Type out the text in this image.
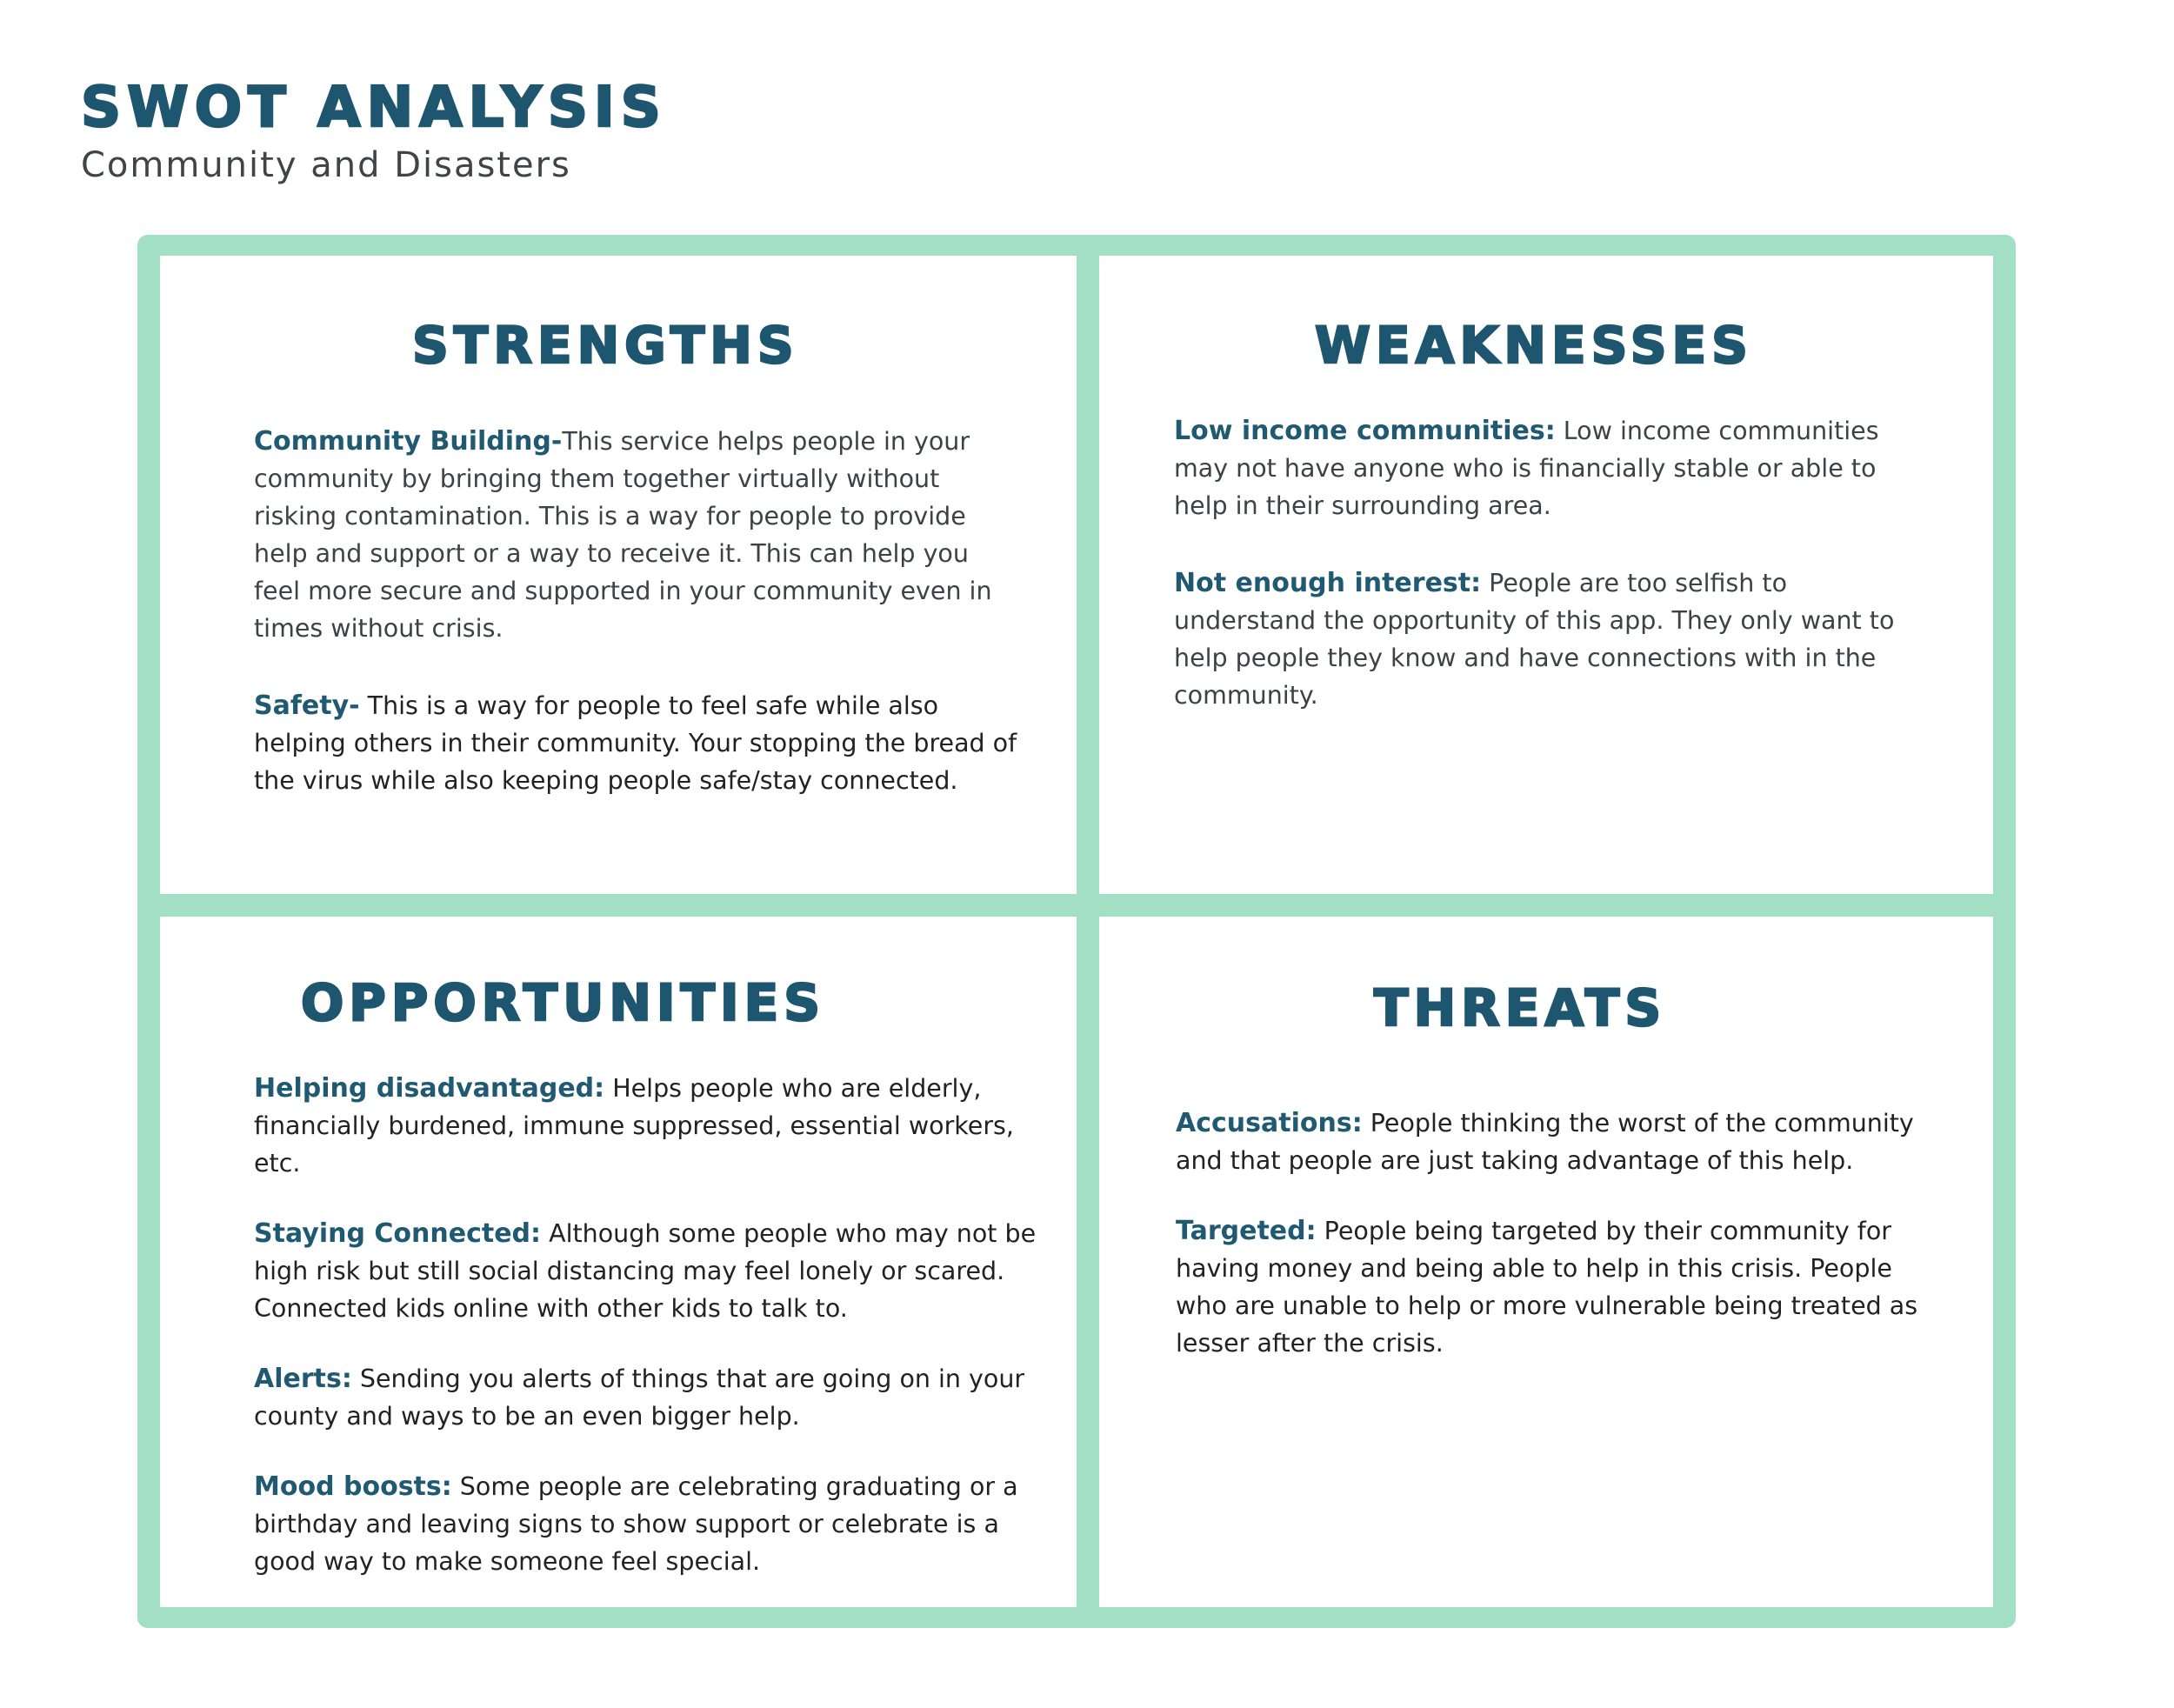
SWOT ANALYSIS
Community and Disasters
STRENGTHS

Community Building-This service helps people in your community by bringing them together virtually without risking contamination. This is a way for people to provide help and support or a way to receive it. This can help you feel more secure and supported in your community even in times without crisis.

Safety- This is a way for people to feel safe while also helping others in their community. Your stopping the bread of the virus while also keeping people safe/stay connected.

WEAKNESSES

Low income communities: Low income communities may not have anyone who is financially stable or able to help in their surrounding area.

Not enough interest: People are too selfish to understand the opportunity of this app. They only want to help people they know and have connections with in the community.

OPPORTUNITIES

Helping disadvantaged: Helps people who are elderly, financially burdened, immune suppressed, essential workers, etc.

Staying Connected: Although some people who may not be high risk but still social distancing may feel lonely or scared. Connected kids online with other kids to talk to.

Alerts: Sending you alerts of things that are going on in your county and ways to be an even bigger help.

Mood boosts: Some people are celebrating graduating or a birthday and leaving signs to show support or celebrate is a good way to make someone feel special.

THREATS

Accusations: People thinking the worst of the community and that people are just taking advantage of this help.

Targeted: People being targeted by their community for having money and being able to help in this crisis. People who are unable to help or more vulnerable being treated as lesser after the crisis.
